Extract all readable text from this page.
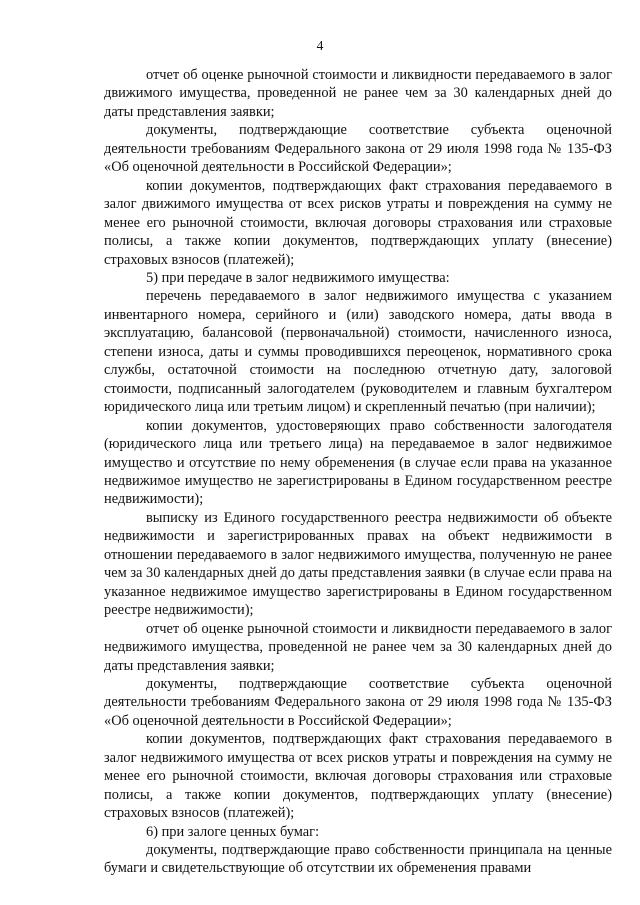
4

отчет об оценке рыночной стоимости и ликвидности передаваемого в залог движимого имущества, проведенной не ранее чем за 30 календарных дней до даты представления заявки;

документы, подтверждающие соответствие субъекта оценочной деятельности требованиям Федерального закона от 29 июля 1998 года № 135-ФЗ «Об оценочной деятельности в Российской Федерации»;

копии документов, подтверждающих факт страхования передаваемого в залог движимого имущества от всех рисков утраты и повреждения на сумму не менее его рыночной стоимости, включая договоры страхования или страховые полисы, а также копии документов, подтверждающих уплату (внесение) страховых взносов (платежей);

5) при передаче в залог недвижимого имущества:

перечень передаваемого в залог недвижимого имущества с указанием инвентарного номера, серийного и (или) заводского номера, даты ввода в эксплуатацию, балансовой (первоначальной) стоимости, начисленного износа, степени износа, даты и суммы проводившихся переоценок, нормативного срока службы, остаточной стоимости на последнюю отчетную дату, залоговой стоимости, подписанный залогодателем (руководителем и главным бухгалтером юридического лица или третьим лицом) и скрепленный печатью (при наличии);

копии документов, удостоверяющих право собственности залогодателя (юридического лица или третьего лица) на передаваемое в залог недвижимое имущество и отсутствие по нему обременения (в случае если права на указанное недвижимое имущество не зарегистрированы в Едином государственном реестре недвижимости);

выписку из Единого государственного реестра недвижимости об объекте недвижимости и зарегистрированных правах на объект недвижимости в отношении передаваемого в залог недвижимого имущества, полученную не ранее чем за 30 календарных дней до даты представления заявки (в случае если права на указанное недвижимое имущество зарегистрированы в Едином государственном реестре недвижимости);

отчет об оценке рыночной стоимости и ликвидности передаваемого в залог недвижимого имущества, проведенной не ранее чем за 30 календарных дней до даты представления заявки;

документы, подтверждающие соответствие субъекта оценочной деятельности требованиям Федерального закона от 29 июля 1998 года № 135-ФЗ «Об оценочной деятельности в Российской Федерации»;

копии документов, подтверждающих факт страхования передаваемого в залог недвижимого имущества от всех рисков утраты и повреждения на сумму не менее его рыночной стоимости, включая договоры страхования или страховые полисы, а также копии документов, подтверждающих уплату (внесение) страховых взносов (платежей);

6) при залоге ценных бумаг:

документы, подтверждающие право собственности принципала на ценные бумаги и свидетельствующие об отсутствии их обременения правами
